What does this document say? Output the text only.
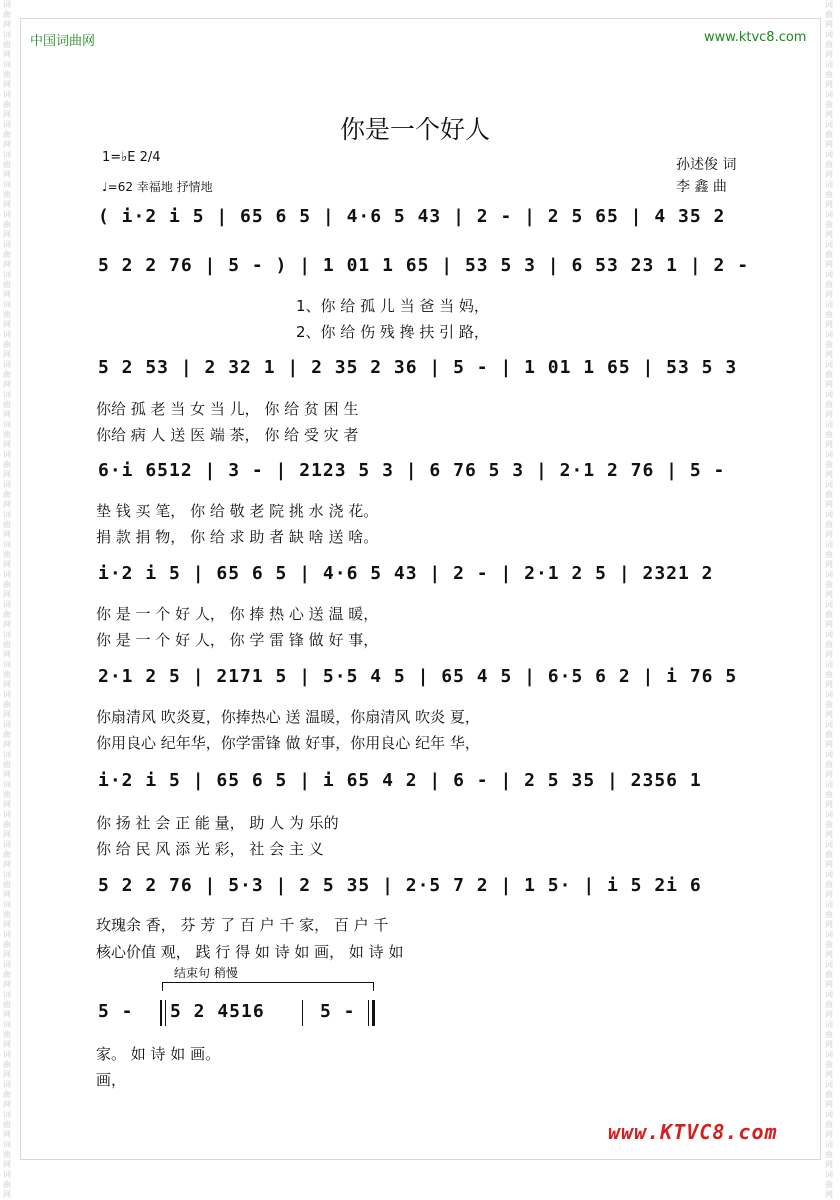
词曲网词曲网词曲网词曲网词曲网词曲网词曲网词曲网词曲网词曲网词曲网词曲网词曲网词曲网词曲网词曲网词曲网词曲网词曲网词曲网词曲网词曲网词曲网词曲网词曲网词曲网词曲网词曲网词曲网词曲网词曲网词曲网词曲网词曲网词曲网词曲网词曲网词曲网词曲网词曲网
词曲网词曲网词曲网词曲网词曲网词曲网词曲网词曲网词曲网词曲网词曲网词曲网词曲网词曲网词曲网词曲网词曲网词曲网词曲网词曲网词曲网词曲网词曲网词曲网词曲网词曲网词曲网词曲网词曲网词曲网词曲网词曲网词曲网词曲网词曲网词曲网词曲网词曲网词曲网词曲网
中国词曲网	www.ktvc8.com
你是一个好人
1=♭E 2/4
♩=62 幸福地 抒情地
孙述俊 词
李 鑫 曲
( i·2 i 5 | 65 6 5 | 4·6 5 43 | 2 - | 2 5 65 | 4 35 2
5 2 2 76 | 5 - ) | 1 01 1 65 | 53 5 3 | 6 53 23 1 | 2 -
1、你 给 孤 儿 当 爸 当 妈，
2、你 给 伤 残 搀 扶 引 路，
5 2 53 | 2 32 1 | 2 35 2 36 | 5 - | 1 01 1 65 | 53 5 3
你给 孤 老 当 女 当 儿， 你 给 贫 困 生
你给 病 人 送 医 端 茶， 你 给 受 灾 者
6·i 6512 | 3 - | 2123 5 3 | 6 76 5 3 | 2·1 2 76 | 5 -
垫 钱 买 笔， 你 给 敬 老 院 挑 水 浇 花。
捐 款 捐 物， 你 给 求 助 者 缺 啥 送 啥。
i·2 i 5 | 65 6 5 | 4·6 5 43 | 2 - | 2·1 2 5 | 2321 2
你 是 一 个 好 人， 你 捧 热 心 送 温 暖，
你 是 一 个 好 人， 你 学 雷 锋 做 好 事，
2·1 2 5 | 2171 5 | 5·5 4 5 | 65 4 5 | 6·5 6 2 | i 76 5
你扇清风 吹炎夏，你捧热心 送 温暖，你扇清风 吹炎 夏，
你用良心 纪年华，你学雷锋 做 好事，你用良心 纪年 华，
i·2 i 5 | 65 6 5 | i 65 4 2 | 6 - | 2 5 35 | 2356 1
你 扬 社 会 正 能 量， 助 人 为 乐的
你 给 民 风 添 光 彩， 社 会 主 义
5 2 2 76 | 5·3 | 2 5 35 | 2·5 7 2 | 1 5· | i 5 2i 6
玫瑰余 香， 芬 芳 了 百 户 千 家， 百 户 千
核心价值 观， 践 行 得 如 诗 如 画， 如 诗 如
结束句 稍慢
5 - 5 2 4516	5 -
家。 如 诗 如 画。
画，
www.KTVC8.com
